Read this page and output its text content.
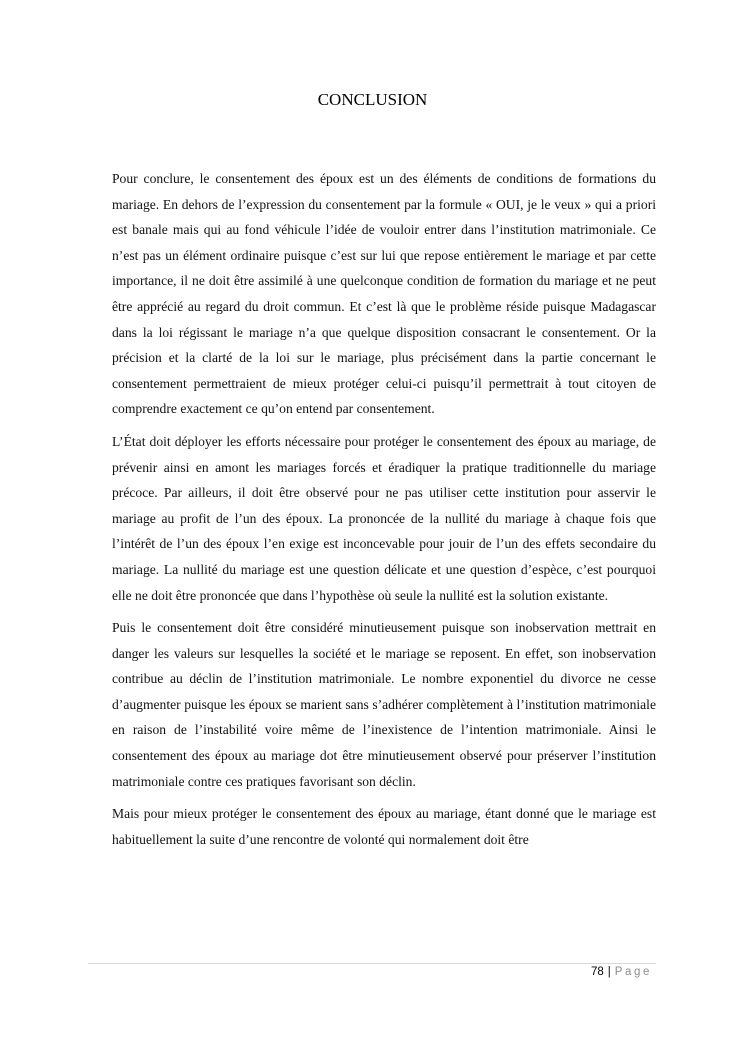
CONCLUSION

Pour conclure, le consentement des époux est un des éléments de conditions de formations du mariage. En dehors de l’expression du consentement par la formule « OUI, je le veux » qui a priori est banale mais qui au fond véhicule l’idée de vouloir entrer dans l’institution matrimoniale. Ce n’est pas un élément ordinaire puisque c’est sur lui que repose entièrement le mariage et par cette importance, il ne doit être assimilé à une quelconque condition de formation du mariage et ne peut être apprécié au regard du droit commun. Et c’est là que le problème réside puisque Madagascar dans la loi régissant le mariage n’a que quelque disposition consacrant le consentement. Or la précision et la clarté de la loi sur le mariage, plus précisément dans la partie concernant le consentement permettraient de mieux protéger celui-ci puisqu’il permettrait à tout citoyen de comprendre exactement ce qu’on entend par consentement.

L’État doit déployer les efforts nécessaire pour protéger le consentement des époux au mariage, de prévenir ainsi en amont les mariages forcés et éradiquer la pratique traditionnelle du mariage précoce. Par ailleurs, il doit être observé pour ne pas utiliser cette institution pour asservir le mariage au profit de l’un des époux. La prononcée de la nullité du mariage à chaque fois que l’intérêt de l’un des époux l’en exige est inconcevable pour jouir de l’un des effets secondaire du mariage. La nullité du mariage est une question délicate et une question d’espèce, c’est pourquoi elle ne doit être prononcée que dans l’hypothèse où seule la nullité est la solution existante.

Puis le consentement doit être considéré minutieusement puisque son inobservation mettrait en danger les valeurs sur lesquelles la société et le mariage se reposent. En effet, son inobservation contribue au déclin de l’institution matrimoniale. Le nombre exponentiel du divorce ne cesse d’augmenter puisque les époux se marient sans s’adhérer complètement à l’institution matrimoniale en raison de l’instabilité voire même de l’inexistence de l’intention matrimoniale. Ainsi le consentement des époux au mariage dot être minutieusement observé pour préserver l’institution matrimoniale contre ces pratiques favorisant son déclin.

Mais pour mieux protéger le consentement des époux au mariage, étant donné que le mariage est habituellement la suite d’une rencontre de volonté qui normalement doit être

78 | Page
